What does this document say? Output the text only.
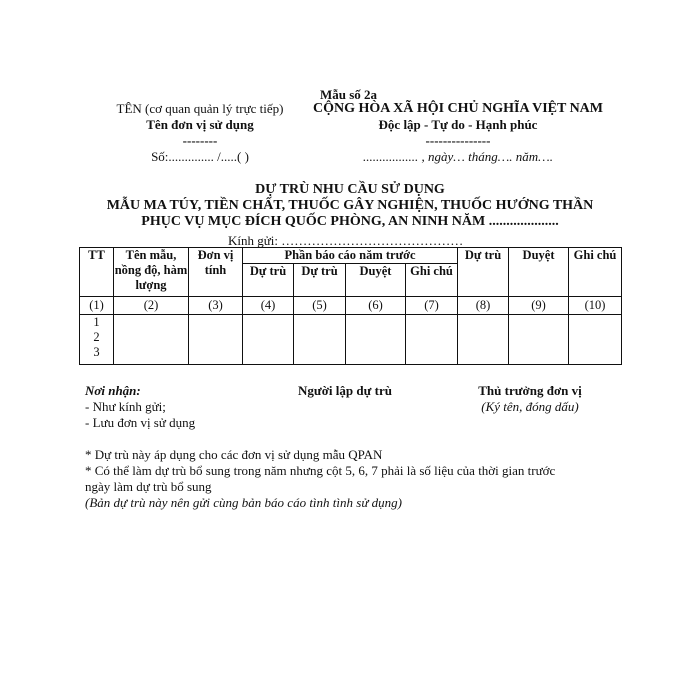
Mẫu số 2a
TÊN (cơ quan quản lý trực tiếp)
Tên đơn vị sử dụng
--------
Số:.............. /.....( )
CỘNG HÒA XÃ HỘI CHỦ NGHĨA VIỆT NAM
Độc lập - Tự do - Hạnh phúc
---------------
................. , ngày… tháng…. năm….
DỰ TRÙ NHU CẦU SỬ DỤNG
MẪU MA TÚY, TIỀN CHẤT, THUỐC GÂY NGHIỆN, THUỐC HƯỚNG THẦN
PHỤC VỤ MỤC ĐÍCH QUỐC PHÒNG, AN NINH NĂM ....................
Kính gửi: ……………………………………
TT	Tên mẫu, nồng độ, hàm lượng	Đơn vị tính	Phần báo cáo năm trước				Dự trù	Duyệt	Ghi chú
			Dự trù	Dự trù	Duyệt	Ghi chú			
(1)	(2)	(3)	(4)	(5)	(6)	(7)	(8)	(9)	(10)

1
2
3									

Nơi nhận:
- Như kính gửi;
- Lưu đơn vị sử dụng
Người lập dự trù	Thủ trưởng đơn vị
(Ký tên, đóng dấu)
* Dự trù này áp dụng cho các đơn vị sử dụng mẫu QPAN
* Có thể làm dự trù bổ sung trong năm nhưng cột 5, 6, 7 phải là số liệu của thời gian trước
ngày làm dự trù bổ sung
(Bản dự trù này nên gửi cùng bản báo cáo tình tình sử dụng)
